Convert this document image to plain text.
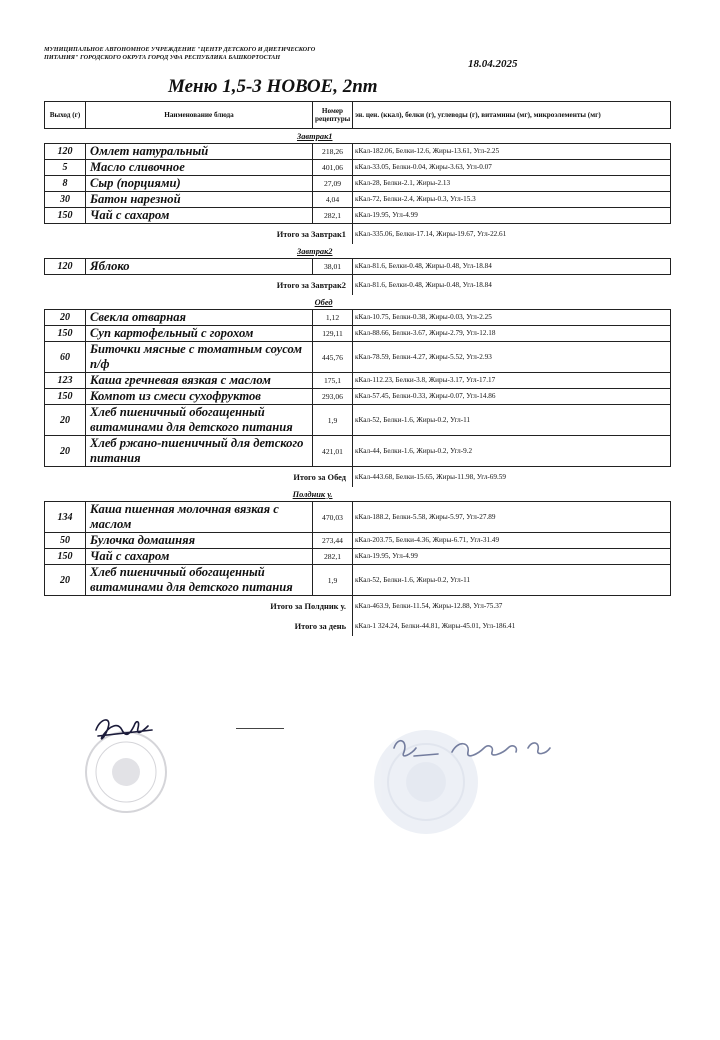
МУНИЦИПАЛЬНОЕ АВТОНОМНОЕ УЧРЕЖДЕНИЕ "ЦЕНТР ДЕТСКОГО И ДИЕТИЧЕСКОГО ПИТАНИЯ" ГОРОДСКОГО ОКРУГА ГОРОД УФА РЕСПУБЛИКА БАШКОРТОСТАН
18.04.2025
Меню 1,5-3 НОВОЕ, 2пт
Выход (г)	Наименование блюда	Номер рецептуры	эн. цен. (ккал), белки (г), углеводы (г), витамины (мг), микроэлементы (мг)
	Завтрак1		
120	Омлет натуральный	218,26	кКал-182.06, Белки-12.6, Жиры-13.61, Угл-2.25
5	Масло сливочное	401,06	кКал-33.05, Белки-0.04, Жиры-3.63, Угл-0.07
8	Сыр (порциями)	27,09	кКал-28, Белки-2.1, Жиры-2.13
30	Батон нарезной	4,04	кКал-72, Белки-2.4, Жиры-0.3, Угл-15.3
150	Чай с сахаром	282,1	кКал-19.95, Угл-4.99
Итого за Завтрак1			кКал-335.06, Белки-17.14, Жиры-19.67, Угл-22.61
	Завтрак2		
120	Яблоко	38,01	кКал-81.6, Белки-0.48, Жиры-0.48, Угл-18.84
Итого за Завтрак2			кКал-81.6, Белки-0.48, Жиры-0.48, Угл-18.84
	Обед		
20	Свекла отварная	1,12	кКал-10.75, Белки-0.38, Жиры-0.03, Угл-2.25
150	Суп картофельный с горохом	129,11	кКал-88.66, Белки-3.67, Жиры-2.79, Угл-12.18
60	Биточки мясные с томатным соусом п/ф	445,76	кКал-78.59, Белки-4.27, Жиры-5.52, Угл-2.93
123	Каша гречневая вязкая с маслом	175,1	кКал-112.23, Белки-3.8, Жиры-3.17, Угл-17.17
150	Компот из смеси сухофруктов	293,06	кКал-57.45, Белки-0.33, Жиры-0.07, Угл-14.86
20	Хлеб пшеничный обогащенный витаминами для детского питания	1,9	кКал-52, Белки-1.6, Жиры-0.2, Угл-11
20	Хлеб ржано-пшеничный для детского питания	421,01	кКал-44, Белки-1.6, Жиры-0.2, Угл-9.2
Итого за Обед			кКал-443.68, Белки-15.65, Жиры-11.98, Угл-69.59
	Полдник у.		
134	Каша пшенная молочная вязкая с маслом	470,03	кКал-188.2, Белки-5.58, Жиры-5.97, Угл-27.89
50	Булочка домашняя	273,44	кКал-203.75, Белки-4.36, Жиры-6.71, Угл-31.49
150	Чай с сахаром	282,1	кКал-19.95, Угл-4.99
20	Хлеб пшеничный обогащенный витаминами для детского питания	1,9	кКал-52, Белки-1.6, Жиры-0.2, Угл-11
Итого за Полдник у.			кКал-463.9, Белки-11.54, Жиры-12.88, Угл-75.37
Итого за день			кКал-1 324.24, Белки-44.81, Жиры-45.01, Угл-186.41
